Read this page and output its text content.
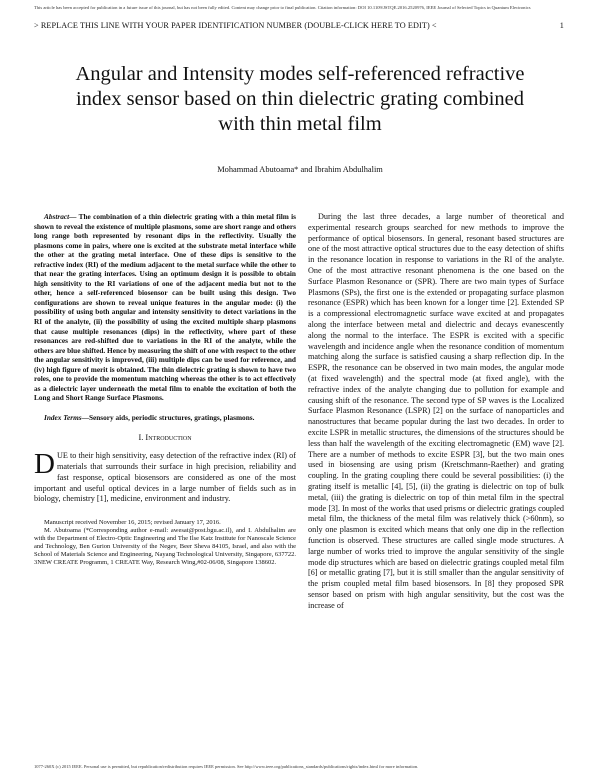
This article has been accepted for publication in a future issue of this journal, but has not been fully edited. Content may change prior to final publication. Citation information: DOI 10.1109/JSTQE.2016.2520976, IEEE Journal of Selected Topics in Quantum Electronics
> REPLACE THIS LINE WITH YOUR PAPER IDENTIFICATION NUMBER (DOUBLE-CLICK HERE TO EDIT) <	1
Angular and Intensity modes self-referenced refractive index sensor based on thin dielectric grating combined with thin metal film
Mohammad Abutoama* and Ibrahim Abdulhalim

Abstract— The combination of a thin dielectric grating with a thin metal film is shown to reveal the existence of multiple plasmons, some are short range and others long range both represented by resonant dips in the reflectivity. Usually the plasmons come in pairs, where one is excited at the substrate metal interface while the other at the grating metal interface. One of these dips is sensitive to the refractive index (RI) of the medium adjacent to the metal surface while the other to that near the grating interfaces. Using an optimum design it is possible to obtain high sensitivity to the RI variations of one of the adjacent media but not to the other, hence a self-referenced biosensor can be built using this design. Two configurations are shown to reveal unique features in the angular mode: (i) the possibility of using both angular and intensity sensitivity to detect variations in the RI of the analyte, (ii) the possibility of using the excited multiple sharp plasmons that cause multiple resonances (dips) in the reflectivity, where part of these resonances are red-shifted due to variations in the RI of the analyte, while the others are blue shifted. Hence by measuring the shift of one with respect to the other the angular sensitivity is improved, (iii) multiple dips can be used for reference, and (iv) high figure of merit is obtained. The thin dielectric grating is shown to have two roles, one to provide the momentum matching whereas the other is to act effectively as a dielectric layer underneath the metal film to enable the excitation of both the Long and Short Range Surface Plasmons.

Index Terms—Sensory aids, periodic structures, gratings, plasmons.

I. Introduction

DUE to their high sensitivity, easy detection of the refractive index (RI) of materials that surrounds their surface in high precision, reliability and fast response, optical biosensors are considered as one of the most important and useful optical devices in a large number of fields such as in biology, chemistry [1], medicine, environment and industry.

Manuscript received November 16, 2015; revised January 17, 2016.

M. Abutoama (*Corresponding author e-mail: awesat@post.bgu.ac.il), and I. Abdulhalim are with the Department of Electro-Optic Engineering and The Ilse Katz Institute for Nanoscale Science and Technology, Ben Gurion University of the Negev, Beer Sheva 84105, Israel, and also with the School of Materials Science and Engineering, Nayang Technological University, Singapore, 637722. 3NEW CREATE Programm, 1 CREATE Way, Research Wing,#02-06/08, Singapore 138602.

During the last three decades, a large number of theoretical and experimental research groups searched for new methods to improve the performance of optical biosensors. In general, resonant based structures are one of the most attractive optical structures due to the easy detection of shifts in the resonance location in response to variations in the RI of the analyte. One of the most attractive resonant phenomena is the one based on the Surface Plasmon Resonance or (SPR). There are two main types of Surface Plasmons (SPs), the first one is the extended or propagating surface plasmon resonance (ESPR) which has been known for a longer time [2]. Extended SP is a compressional electromagnetic surface wave excited at and propagates along the interface between metal and dielectric and decays evanescently along the normal to the interface. The ESPR is excited with a specific wavelength and incidence angle when the resonance condition of momentum matching along the surface is satisfied causing a sharp reflection dip. In the ESPR, the resonance can be observed in two main modes, the angular mode (at fixed wavelength) and the spectral mode (at fixed angle), with the refractive index of the analyte changing due to pollution for example and causing shift of the resonance. The second type of SP waves is the Localized Surface Plasmon Resonance (LSPR) [2] on the surface of nanoparticles and nanostructures that became popular during the last two decades. In order to excite LSPR in metallic structures, the dimensions of the structures should be less than half the wavelength of the exciting electromagnetic (EM) wave [2]. There are a number of methods to excite ESPR [3], but the two main ones used in biosensing are using prism (Kretschmann-Raether) and grating coupling. In the grating coupling there could be several possibilities: (i) the grating itself is metallic [4], [5], (ii) the grating is dielectric on top of bulk metal, (iii) the grating is dielectric on top of thin metal film in the spectral mode [3]. In most of the works that used prisms or dielectric gratings coupled metal film, the thickness of the metal film was relatively thick (>60nm), so only one plasmon is excited which means that only one dip in the reflection function is observed. These structures are called single mode structures. A large number of works tried to improve the angular sensitivity of the single mode dip structures which are based on dielectric gratings coupled metal film [6] or metallic grating [7], but it is still smaller than the angular sensitivity of the prism coupled metal film based biosensors. In [8] they proposed SPR sensor based on prism with high angular sensitivity, but the cost was the increase of

1077-260X (c) 2015 IEEE. Personal use is permitted, but republication/redistribution requires IEEE permission. See http://www.ieee.org/publications_standards/publications/rights/index.html for more information.
